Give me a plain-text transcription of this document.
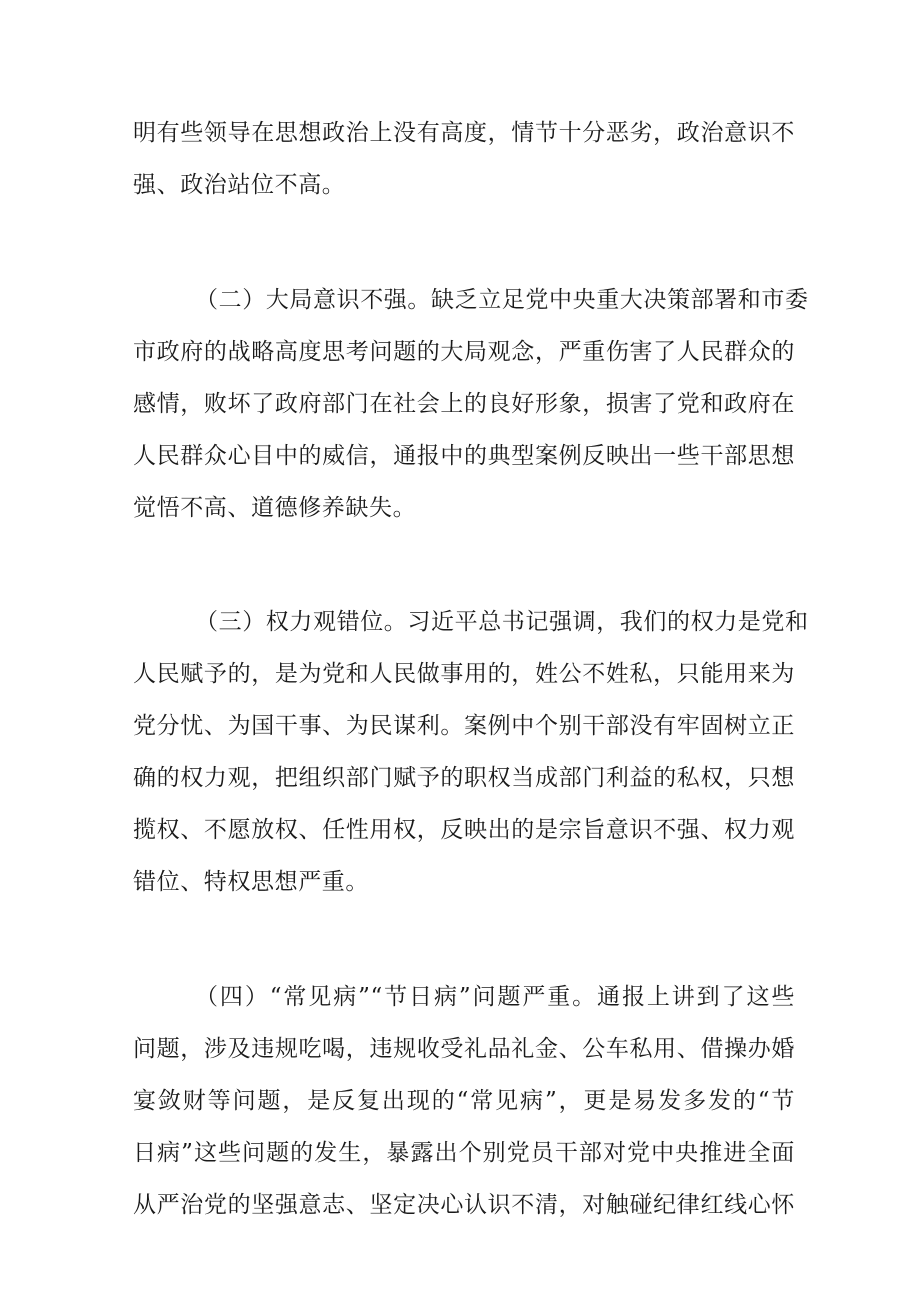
明有些领导在思想政治上没有高度，情节十分恶劣，政治意识不
强、政治站位不高。
（二）大局意识不强。缺乏立足党中央重大决策部署和市委
市政府的战略高度思考问题的大局观念，严重伤害了人民群众的
感情，败坏了政府部门在社会上的良好形象，损害了党和政府在
人民群众心目中的威信，通报中的典型案例反映出一些干部思想
觉悟不高、道德修养缺失。
（三）权力观错位。习近平总书记强调，我们的权力是党和
人民赋予的，是为党和人民做事用的，姓公不姓私，只能用来为
党分忧、为国干事、为民谋利。案例中个别干部没有牢固树立正
确的权力观，把组织部门赋予的职权当成部门利益的私权，只想
揽权、不愿放权、任性用权，反映出的是宗旨意识不强、权力观
错位、特权思想严重。
（四）“常见病”“节日病”问题严重。通报上讲到了这些
问题，涉及违规吃喝，违规收受礼品礼金、公车私用、借操办婚
宴敛财等问题，是反复出现的“常见病”，更是易发多发的“节
日病”这些问题的发生，暴露出个别党员干部对党中央推进全面
从严治党的坚强意志、坚定决心认识不清，对触碰纪律红线心怀
